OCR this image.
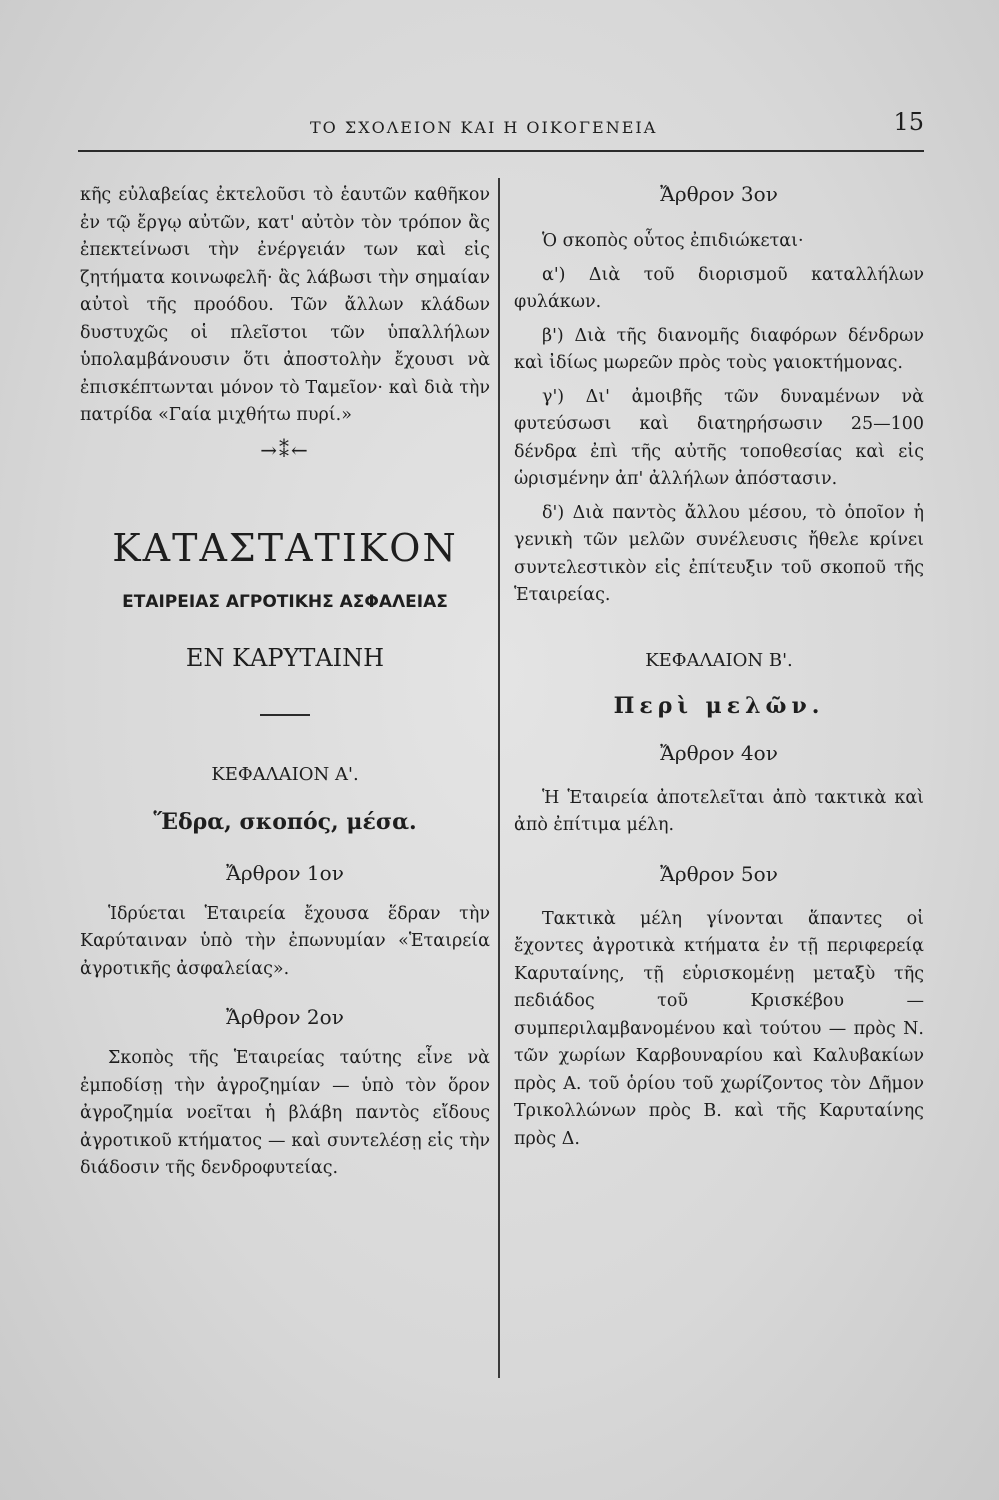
ΤΟ ΣΧΟΛΕΙΟΝ ΚΑΙ Η ΟΙΚΟΓΕΝΕΙΑ	15

κῆς εὐλαβείας ἐκτελοῦσι τὸ ἑαυτῶν καθῆκον ἐν τῷ ἔργῳ αὐτῶν, κατ' αὐτὸν τὸν τρόπον ἂς ἐπεκτείνωσι τὴν ἐνέργειάν των καὶ εἰς ζητήματα κοινωφελῆ· ἂς λάβωσι τὴν σημαίαν αὐτοὶ τῆς προόδου. Τῶν ἄλλων κλάδων δυστυχῶς οἱ πλεῖστοι τῶν ὑπαλλήλων ὑπολαμβάνουσιν ὅτι ἀποστολὴν ἔχουσι νὰ ἐπισκέπτωνται μόνον τὸ Ταμεῖον· καὶ διὰ τὴν πατρίδα «Γαία μιχθήτω πυρί.»

→⁑←
ΚΑΤΑΣΤΑΤΙΚΟΝ
ΕΤΑΙΡΕΙΑΣ ΑΓΡΟΤΙΚΗΣ ΑΣΦΑΛΕΙΑΣ
ΕΝ ΚΑΡΥΤΑΙΝΗ
ΚΕΦΑΛΑΙΟΝ Α'.
Ἕδρα, σκοπός, μέσα.
Ἄρθρον 1ον

Ἱδρύεται Ἑταιρεία ἔχουσα ἕδραν τὴν Καρύταιναν ὑπὸ τὴν ἐπωνυμίαν «Ἑταιρεία ἀγροτικῆς ἀσφαλείας».

Ἄρθρον 2ον

Σκοπὸς τῆς Ἑταιρείας ταύτης εἶνε νὰ ἐμποδίσῃ τὴν ἀγροζημίαν — ὑπὸ τὸν ὅρον ἀγροζημία νοεῖται ἡ βλάβη παντὸς εἴδους ἀγροτικοῦ κτήματος — καὶ συντελέσῃ εἰς τὴν διάδοσιν τῆς δενδροφυτείας.

Ἄρθρον 3ον

Ὁ σκοπὸς οὗτος ἐπιδιώκεται·

α') Διὰ τοῦ διορισμοῦ καταλλήλων φυλάκων.

β') Διὰ τῆς διανομῆς διαφόρων δένδρων καὶ ἰδίως μωρεῶν πρὸς τοὺς γαιοκτήμονας.

γ') Δι' ἀμοιβῆς τῶν δυναμένων νὰ φυτεύσωσι καὶ διατηρήσωσιν 25—100 δένδρα ἐπὶ τῆς αὐτῆς τοποθεσίας καὶ εἰς ὡρισμένην ἀπ' ἀλλήλων ἀπόστασιν.

δ') Διὰ παντὸς ἄλλου μέσου, τὸ ὁποῖον ἡ γενικὴ τῶν μελῶν συνέλευσις ἤθελε κρίνει συντελεστικὸν εἰς ἐπίτευξιν τοῦ σκοποῦ τῆς Ἑταιρείας.

ΚΕΦΑΛΑΙΟΝ Β'.
Περὶ μελῶν.
Ἄρθρον 4ον

Ἡ Ἑταιρεία ἀποτελεῖται ἀπὸ τακτικὰ καὶ ἀπὸ ἐπίτιμα μέλη.

Ἄρθρον 5ον

Τακτικὰ μέλη γίνονται ἅπαντες οἱ ἔχοντες ἀγροτικὰ κτήματα ἐν τῇ περιφερείᾳ Καρυταίνης, τῇ εὑρισκομένῃ μεταξὺ τῆς πεδιάδος τοῦ Κρισκέβου — συμπεριλαμβανομένου καὶ τούτου — πρὸς Ν. τῶν χωρίων Καρβουναρίου καὶ Καλυβακίων πρὸς Α. τοῦ ὁρίου τοῦ χωρίζοντος τὸν Δῆμον Τρικολλώνων πρὸς Β. καὶ τῆς Καρυταίνης πρὸς Δ.
